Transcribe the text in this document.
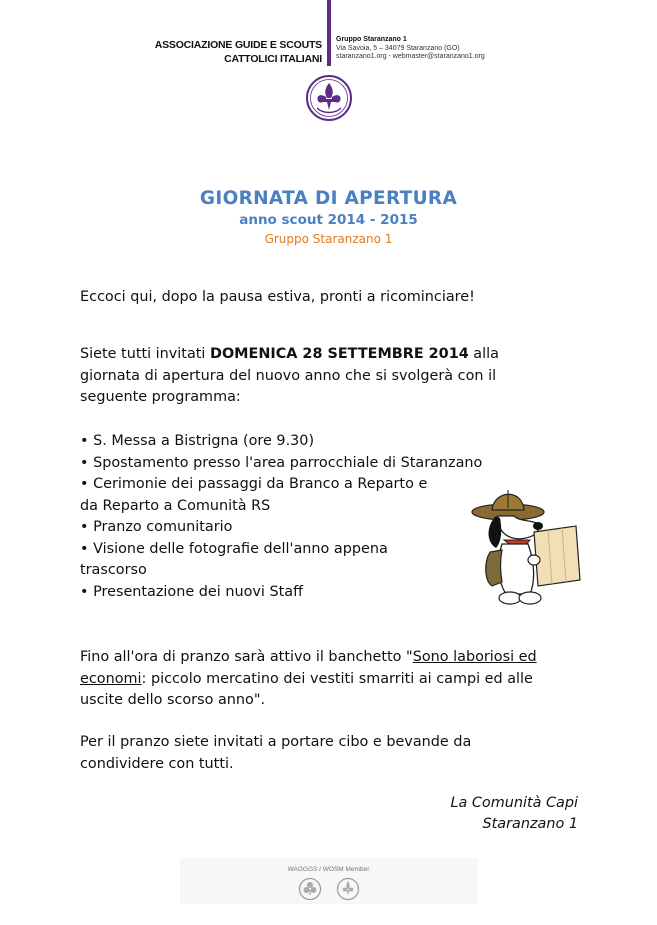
ASSOCIAZIONE GUIDE E SCOUTS
CATTOLICI ITALIANI
Gruppo Staranzano 1
Via Savoia, 5 – 34079 Staranzano (GO)
staranzano1.org - webmaster@staranzano1.org
GIORNATA DI APERTURA
anno scout 2014 - 2015
Gruppo Staranzano 1
Eccoci qui, dopo la pausa estiva, pronti a ricominciare!
Siete tutti invitati DOMENICA 28 SETTEMBRE 2014 alla
giornata di apertura del nuovo anno che si svolgerà con il
seguente programma:
• S. Messa a Bistrigna (ore 9.30)
• Spostamento presso l'area parrocchiale di Staranzano
• Cerimonie dei passaggi da Branco a Reparto e
da Reparto a Comunità RS
• Pranzo comunitario
• Visione delle fotografie dell'anno appena
trascorso
• Presentazione dei nuovi Staff
Fino all'ora di pranzo sarà attivo il banchetto "Sono laboriosi ed
economi: piccolo mercatino dei vestiti smarriti ai campi ed alle
uscite dello scorso anno".
Per il pranzo siete invitati a portare cibo e bevande da
condividere con tutti.
La Comunità Capi
Staranzano 1
WAGGGS / WOSM Member
